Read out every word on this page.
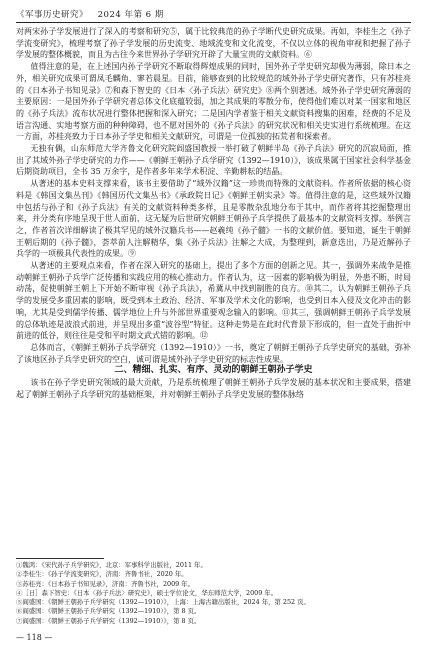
《军事历史研究》 2024 年第 6 期

对两宋孙子学发展进行了深入的考察和研究⑤，属于比较典范的孙子学断代史研究成果。再如，李桂生之《孙子学流变研究》，梳理考察了孙子学发展的历史流变、地域流变和文化流变，不仅以立体的视角审视和把握了孙子学发展的整体概貌，而且为古往今来世界孙子学研究开辟了大量宝贵的文献资料。⑥

值得注意的是，在上述国内孙子学研究不断取得辉煌成果的同时，国外孙子学史研究却极为薄弱，除日本之外，相关研究成果可谓凤毛麟角、寥若晨星。目前，能够查到的比较规范的域外孙子学史研究著作，只有苏桂亮的《日本孙子书知见录》⑦和森下智史的《日本〈孙子兵法〉研究史》⑧两个别著述。域外孙子学史研究薄弱的主要原因：一是国外孙子学研究者总体文化底蕴较弱，加之其成果的零散分布，使得他们难以对某一国家和地区的《孙子兵法》流布状况进行整体把握和深入研究；二是国内学者鉴于相关文献资料搜集的困难，经费的不足及语言沟通、实地考察方面的种种障碍，也不愿对国外的《孙子兵法》的研究状况和相关史实进行系统梳理。在这一方面，苏桂亮致力于日本孙子学史和相关文献研究，可谓是一位孤独的拓荒者和探索者。

无独有偶，山东师范大学齐鲁文化研究院阎盛国教授一举打破了朝鲜半岛《孙子兵法》研究的沉寂局面，推出了其域外孙子学史研究的力作——《朝鲜王朝孙子兵学研究（1392—1910）》，该成果属于国家社会科学基金后期资助项目，全书 35 万余字，是作者多年来学术积淀、辛勤耕耘的结晶。

从著述的基本史料支撑来看，该书主要借助了“域外汉籍”这一珍贵而特殊的文献资料。作者所依据的核心资料是《韩国文集丛刊》《韩国历代文集丛书》《承政院日记》《朝鲜王朝实录》等。值得注意的是，这些域外汉籍中包括与孙子和《孙子兵法》有关的文献资料种类多样，且是零散杂乱地分布于其中，而作者将其挖掘整理出来，并分类有序地呈现于世人面前，这无疑为后世研究朝鲜王朝孙子兵学提供了最基本的文献资料支撑。举例言之，作者首次详细解读了极其罕见的域外汉籍兵书——赵羲纯《孙子髓》一书的文献价值。要知道，诞生于朝鲜王朝后期的《孙子髓》，荟萃前人注解精华，集《孙子兵法》注解之大成，为整理到，新意迭出，乃是近解孙子兵学的一项极具代表性的成果。⑨

从著述的主要观点来看，作者在深入研究的基础上，提出了多个方面的创新之见。其一，强调外来战争是推动朝鲜王朝孙子兵学广泛传播和实践应用的核心推动力。作者认为，这一因素的影响极为明显，外患不断，时局动荡，促使朝鲜王朝上下开始不断审视《孙子兵法》，希冀从中找到制胜的良方。⑩其二，认为朝鲜王朝孙子兵学的发展受多重因素的影响，既受到本土政治、经济、军事及学术文化的影响，也受到日本入侵及文化冲击的影响，尤其是受到儒学传播、儒学地位上升与外部世界重要观念输入的影响。⑪其三，强调朝鲜王朝孙子兵学发展的总体轨迹是波浪式前进，并呈现出多重“波谷型”特征。这种走势是在此时代背景下形成的，但一直处于曲折中前进的低谷，则往往是受和平时期文武式错的影响。⑫

总体而言，《朝鲜王朝孙子兵学研究（1392—1910）》一书，奠定了朝鲜王朝孙子兵学史研究的基础，弥补了该地区孙子兵学史研究的空白，诚可谓是域外孙子学史研究的标志性成果。

二、精细、扎实、有序、灵动的朝鲜王朝孙子学史

该书在孙子学史研究领域的最大贡献，乃是系统梳理了朝鲜王朝孙子兵学发展的基本状况和主要成果，搭建起了朝鲜王朝孙子兵学研究的基础框架，并对朝鲜王朝孙子兵学史发展的整体脉络

①魏鸿：《宋代孙子兵学研究》，北京：军事科学出版社，2011 年。
②李桂生：《孙子学流变研究》，济南：齐鲁书社，2020 年。
③苏桂亮：《日本孙子书知见录》，济南：齐鲁书社，2009 年。
④［日］森下智史：《日本〈孙子兵法〉研究史》，硕士学位论文，华东师范大学，2009 年。
⑤阎盛国：《朝鲜王朝孙子兵学研究（1392—1910）》，上海：上海古籍出版社，2024 年，第 252 页。
⑥阎盛国：《朝鲜王朝孙子兵学研究（1392—1910）》，第 8 页。
⑦阎盛国：《朝鲜王朝孙子兵学研究（1392—1910）》，第 8 页。
— 118 —
